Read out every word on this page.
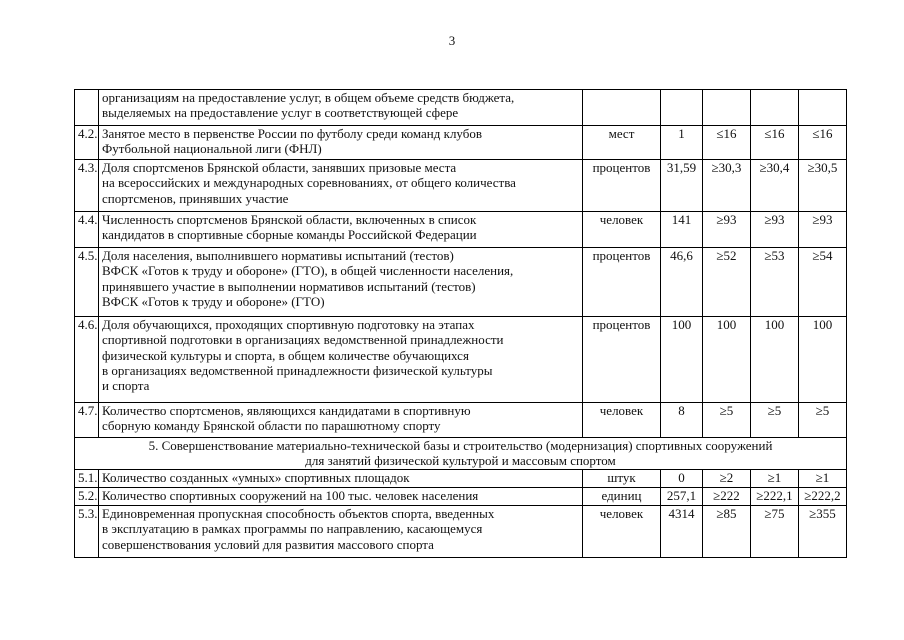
3
	организациям на предоставление услуг, в общем объеме средств бюджета,
выделяемых на предоставление услуг в соответствующей сфере					
4.2.	Занятое место в первенстве России по футболу среди команд клубов
Футбольной национальной лиги (ФНЛ)	мест	1	≤16	≤16	≤16
4.3.	Доля спортсменов Брянской области, занявших призовые места
на всероссийских и международных соревнованиях, от общего количества
спортсменов, принявших участие	процентов	31,59	≥30,3	≥30,4	≥30,5
4.4.	Численность спортсменов Брянской области, включенных в список
кандидатов в спортивные сборные команды Российской Федерации	человек	141	≥93	≥93	≥93
4.5.	Доля населения, выполнившего нормативы испытаний (тестов)
ВФСК «Готов к труду и обороне» (ГТО), в общей численности населения,
принявшего участие в выполнении нормативов испытаний (тестов)
ВФСК «Готов к труду и обороне» (ГТО)	процентов	46,6	≥52	≥53	≥54
4.6.	Доля обучающихся, проходящих спортивную подготовку на этапах
спортивной подготовки в организациях ведомственной принадлежности
физической культуры и спорта, в общем количестве обучающихся
в организациях ведомственной принадлежности физической культуры
и спорта	процентов	100	100	100	100
4.7.	Количество спортсменов, являющихся кандидатами в спортивную
сборную команду Брянской области по парашютному спорту	человек	8	≥5	≥5	≥5
5. Совершенствование материально-технической базы и строительство (модернизация) спортивных сооружений
для занятий физической культурой и массовым спортом						
5.1.	Количество созданных «умных» спортивных площадок	штук	0	≥2	≥1	≥1
5.2.	Количество спортивных сооружений на 100 тыс. человек населения	единиц	257,1	≥222	≥222,1	≥222,2
5.3.	Единовременная пропускная способность объектов спорта, введенных
в эксплуатацию в рамках программы по направлению, касающемуся
совершенствования условий для развития массового спорта	человек	4314	≥85	≥75	≥355
